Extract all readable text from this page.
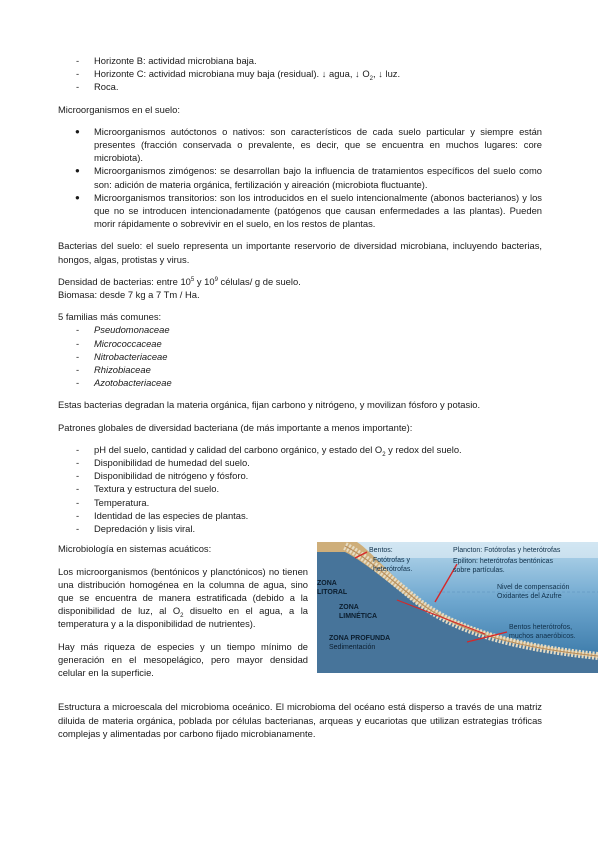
- Horizonte B: actividad microbiana baja.
- Horizonte C: actividad microbiana muy baja (residual). ↓ agua, ↓ $O_2$, ↓ luz.
- Roca.

Microorganismos en el suelo:

● Microorganismos autóctonos o nativos: son característicos de cada suelo particular y siempre están presentes (fracción conservada o prevalente, es decir, que se encuentra en muchos lugares: core microbiota).
● Microorganismos zimógenos: se desarrollan bajo la influencia de tratamientos específicos del suelo como son: adición de materia orgánica, fertilización y aireación (microbiota fluctuante).
● Microorganismos transitorios: son los introducidos en el suelo intencionalmente (abonos bacterianos) y los que no se introducen intencionadamente (patógenos que causan enfermedades a las plantas). Pueden morir rápidamente o sobrevivir en el suelo, en los restos de plantas.

Bacterias del suelo: el suelo representa un importante reservorio de diversidad microbiana, incluyendo bacterias, hongos, algas, protistas y virus.

Densidad de bacterias: entre $10^5$ y $10^9$ células/ g de suelo.

Biomasa: desde 7 kg a 7 Tm / Ha.

5 familias más comunes:

- Pseudomonaceae
- Micrococcaceae
- Nitrobacteriaceae
- Rhizobiaceae
- Azotobacteriaceae

Estas bacterias degradan la materia orgánica, fijan carbono y nitrógeno, y movilizan fósforo y potasio.

Patrones globales de diversidad bacteriana (de más importante a menos importante):

- pH del suelo, cantidad y calidad del carbono orgánico, y estado del $O_2$ y redox del suelo.
- Disponibilidad de humedad del suelo.
- Disponibilidad de nitrógeno y fósforo.
- Textura y estructura del suelo.
- Temperatura.
- Identidad de las especies de plantas.
- Depredación y lisis viral.

Microbiología en sistemas acuáticos:

Los microorganismos (bentónicos y planctónicos) no tienen una distribución homogénea en la columna de agua, sino que se encuentra de manera estratificada (debido a la disponibilidad de luz, al $O_2$ disuelto en el agua, a la temperatura y a la disponibilidad de nutrientes).

Hay más riqueza de especies y un tiempo mínimo de generación en el mesopelágico, pero mayor densidad celular en la superficie.

Bentos:
Fotótrofas y
heterótrofas.
Plancton: Fotótrofas y heterótrofas
Epiliton: heterótrofas bentónicas
sobre partículas.
Nivel de compensación
Oxidantes del Azufre
ZONA
LITORAL
ZONA
LIMNÉTICA
ZONA PROFUNDA
Sedimentación
Bentos heterótrofos,
muchos anaeróbicos.

Estructura a microescala del microbioma oceánico. El microbioma del océano está disperso a través de una matriz diluida de materia orgánica, poblada por células bacterianas, arqueas y eucariotas que utilizan estrategias tróficas complejas y alimentadas por carbono fijado microbianamente.
